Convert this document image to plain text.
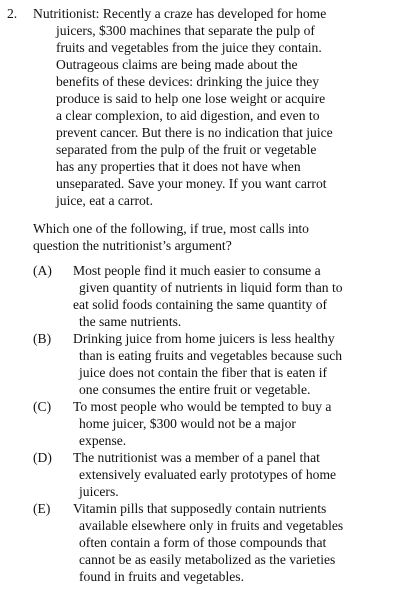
2. Nutritionist: Recently a craze has developed for home
juicers, $300 machines that separate the pulp of
fruits and vegetables from the juice they contain.
Outrageous claims are being made about the
benefits of these devices: drinking the juice they
produce is said to help one lose weight or acquire
a clear complexion, to aid digestion, and even to
prevent cancer. But there is no indication that juice
separated from the pulp of the fruit or vegetable
has any properties that it does not have when
unseparated. Save your money. If you want carrot
juice, eat a carrot.
Which one of the following, if true, most calls into
question the nutritionist’s argument?
(A) Most people find it much easier to consume a
given quantity of nutrients in liquid form than to
eat solid foods containing the same quantity of
the same nutrients.
(B) Drinking juice from home juicers is less healthy
than is eating fruits and vegetables because such
juice does not contain the fiber that is eaten if
one consumes the entire fruit or vegetable.
(C) To most people who would be tempted to buy a
home juicer, $300 would not be a major
expense.
(D) The nutritionist was a member of a panel that
extensively evaluated early prototypes of home
juicers.
(E) Vitamin pills that supposedly contain nutrients
available elsewhere only in fruits and vegetables
often contain a form of those compounds that
cannot be as easily metabolized as the varieties
found in fruits and vegetables.
